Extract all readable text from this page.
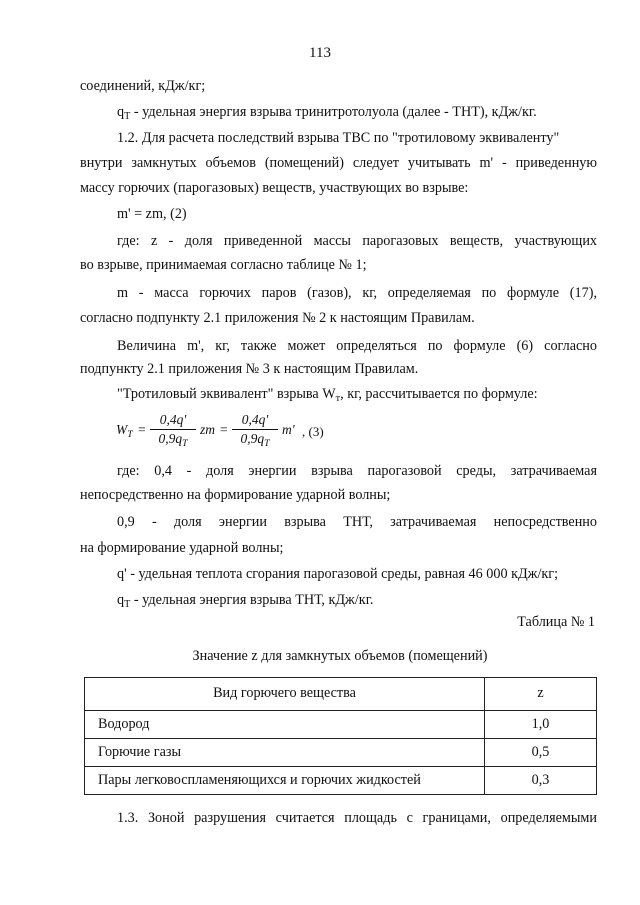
113
соединений, кДж/кг;
$q_Т$ - удельная энергия взрыва тринитротолуола (далее - ТНТ), кДж/кг.
1.2. Для расчета последствий взрыва ТВС по "тротиловому эквиваленту"
внутри замкнутых объемов (помещений) следует учитывать m' - приведенную
массу горючих (парогазовых) веществ, участвующих во взрыве:
m' = zm, (2)
где: z - доля приведенной массы парогазовых веществ, участвующих
во взрыве, принимаемая согласно таблице № 1;
m - масса горючих паров (газов), кг, определяемая по формуле (17),
согласно подпункту 2.1 приложения № 2 к настоящим Правилам.
Величина m', кг, также может определяться по формуле (6) согласно
подпункту 2.1 приложения № 3 к настоящим Правилам.
"Тротиловый эквивалент" взрыва $W_т$, кг, рассчитывается по формуле:
$W_T = \frac{0,4q'}{0,9q_T}$ zm = $\frac{0,4q'}{0,9q_T} m'$ , (3)
где: 0,4 - доля энергии взрыва парогазовой среды, затрачиваемая
непосредственно на формирование ударной волны;
0,9 - доля энергии взрыва ТНТ, затрачиваемая непосредственно
на формирование ударной волны;
q' - удельная теплота сгорания парогазовой среды, равная 46 000 кДж/кг;
$q_Т$ - удельная энергия взрыва ТНТ, кДж/кг.
Таблица № 1
Значение z для замкнутых объемов (помещений)
Вид горючего вещества	z
Водород	1,0
Горючие газы	0,5
Пары легковоспламеняющихся и горючих жидкостей	0,3
1.3. Зоной разрушения считается площадь с границами, определяемыми
